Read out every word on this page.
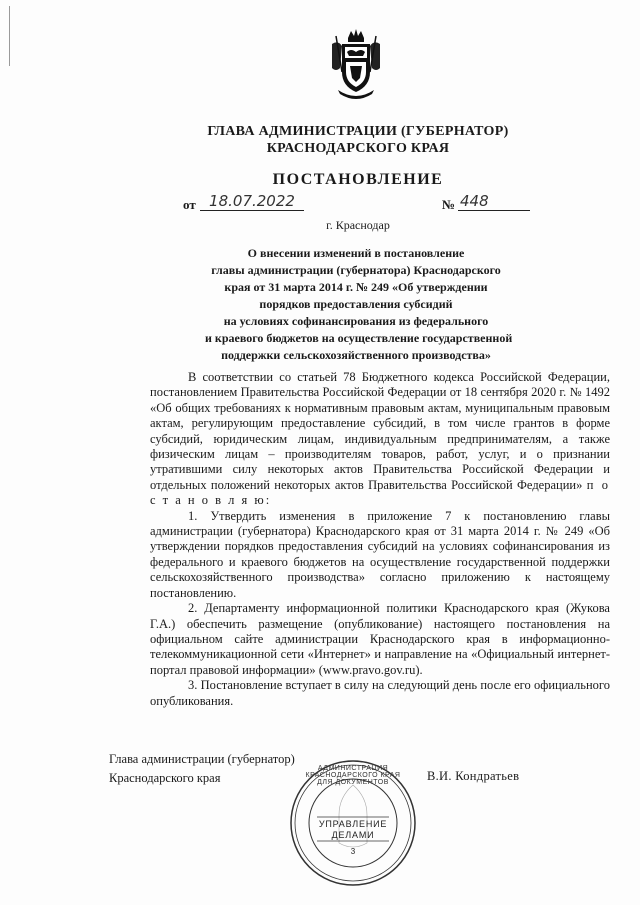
ГЛАВА АДМИНИСТРАЦИИ (ГУБЕРНАТОР)
КРАСНОДАРСКОГО КРАЯ
ПОСТАНОВЛЕНИЕ
от 18.07.2022	№ 448
г. Краснодар
О внесении изменений в постановление
главы администрации (губернатора) Краснодарского
края от 31 марта 2014 г. № 249 «Об утверждении
порядков предоставления субсидий
на условиях софинансирования из федерального
и краевого бюджетов на осуществление государственной
поддержки сельскохозяйственного производства»

В соответствии со статьей 78 Бюджетного кодекса Российской Федерации, постановлением Правительства Российской Федерации от 18 сентября 2020 г. № 1492 «Об общих требованиях к нормативным правовым актам, муниципальным правовым актам, регулирующим предоставление субсидий, в том числе грантов в форме субсидий, юридическим лицам, индивидуальным предпринимателям, а также физическим лицам – производителям товаров, работ, услуг, и о признании утратившими силу некоторых актов Правительства Российской Федерации и отдельных положений некоторых актов Правительства Российской Федерации» п о с т а н о в л я ю:

1. Утвердить изменения в приложение 7 к постановлению главы администрации (губернатора) Краснодарского края от 31 марта 2014 г. № 249 «Об утверждении порядков предоставления субсидий на условиях софинансирования из федерального и краевого бюджетов на осуществление государственной поддержки сельскохозяйственного производства» согласно приложению к настоящему постановлению.

2. Департаменту информационной политики Краснодарского края (Жукова Г.А.) обеспечить размещение (опубликование) настоящего постановления на официальном сайте администрации Краснодарского края в информационно-телекоммуникационной сети «Интернет» и направление на «Официальный интернет-портал правовой информации» (www.pravo.gov.ru).

3. Постановление вступает в силу на следующий день после его официального опубликования.

Глава администрации (губернатор)
Краснодарского края	В.И. Кондратьев
АДМИНИСТРАЦИЯ КРАСНОДАРСКОГО КРАЯ ДЛЯ ДОКУМЕНТОВ
УПРАВЛЕНИЕ
ДЕЛАМИ
3
